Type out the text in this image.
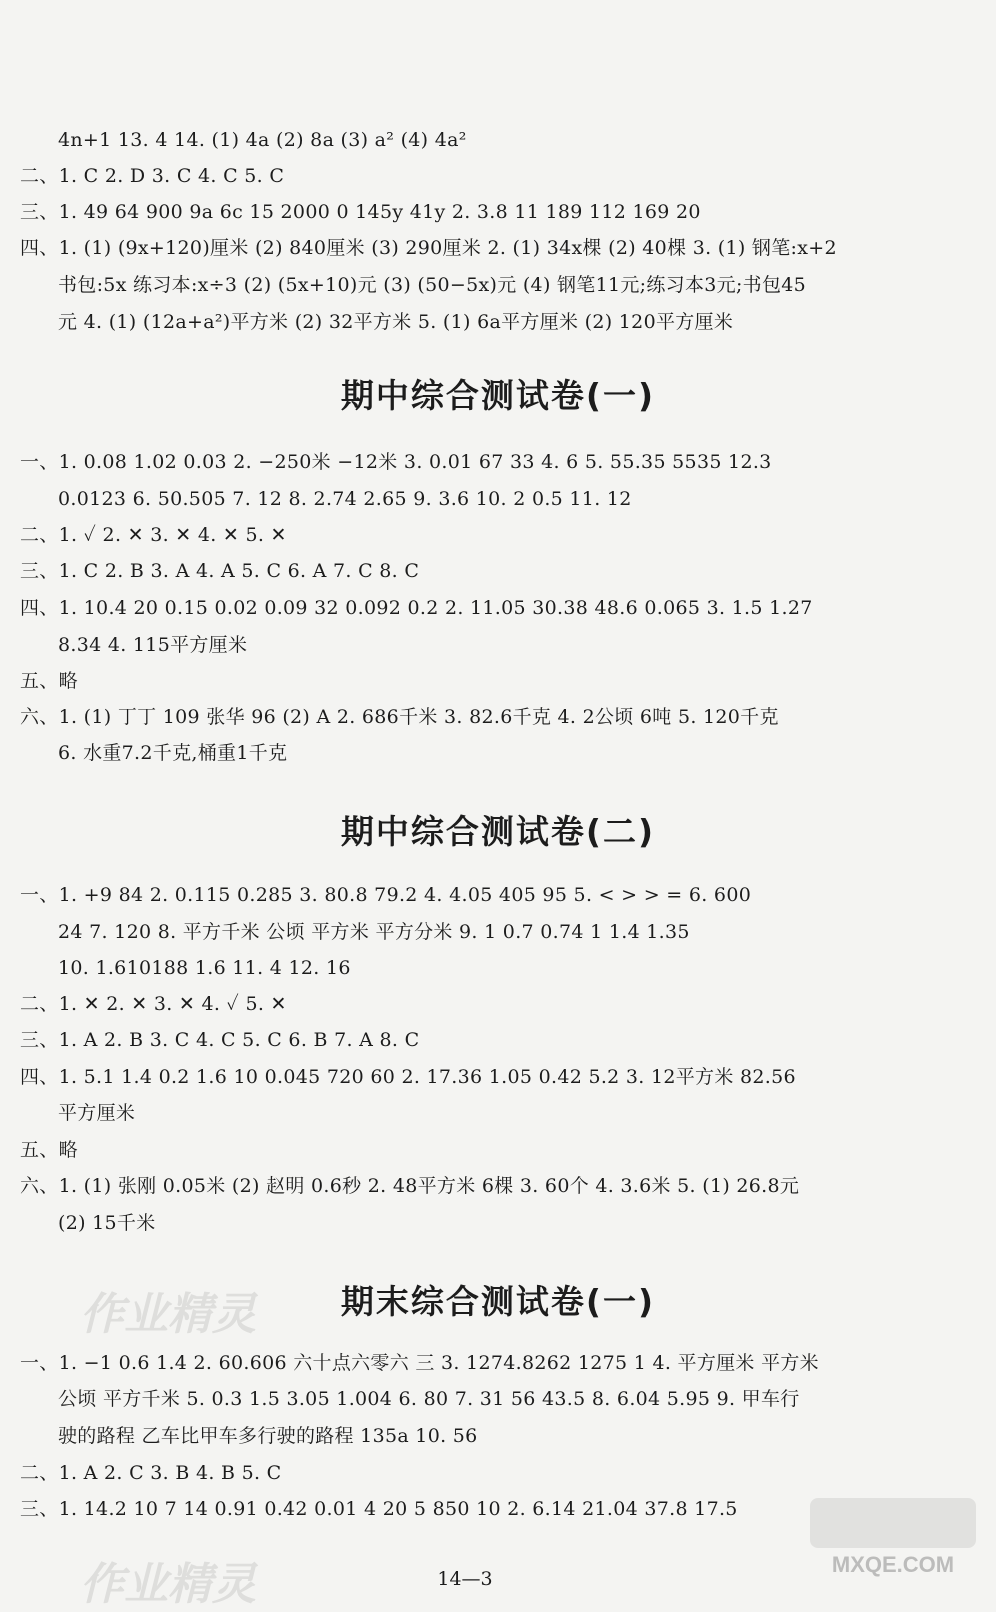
4n+1 13. 4 14. (1) 4a (2) 8a (3) a² (4) 4a²
二、1. C 2. D 3. C 4. C 5. C
三、1. 49 64 900 9a 6c 15 2000 0 145y 41y 2. 3.8 11 189 112 169 20
四、1. (1) (9x+120)厘米 (2) 840厘米 (3) 290厘米 2. (1) 34x棵 (2) 40棵 3. (1) 钢笔:x+2
书包:5x 练习本:x÷3 (2) (5x+10)元 (3) (50−5x)元 (4) 钢笔11元;练习本3元;书包45
元 4. (1) (12a+a²)平方米 (2) 32平方米 5. (1) 6a平方厘米 (2) 120平方厘米
期中综合测试卷(一)
一、1. 0.08 1.02 0.03 2. −250米 −12米 3. 0.01 67 33 4. 6 5. 55.35 5535 12.3
0.0123 6. 50.505 7. 12 8. 2.74 2.65 9. 3.6 10. 2 0.5 11. 12
二、1. ✓ 2. ✕ 3. ✕ 4. ✕ 5. ✕
三、1. C 2. B 3. A 4. A 5. C 6. A 7. C 8. C
四、1. 10.4 20 0.15 0.02 0.09 32 0.092 0.2 2. 11.05 30.38 48.6 0.065 3. 1.5 1.27
8.34 4. 115平方厘米
五、略
六、1. (1) 丁丁 109 张华 96 (2) A 2. 686千米 3. 82.6千克 4. 2公顷 6吨 5. 120千克
6. 水重7.2千克,桶重1千克
期中综合测试卷(二)
一、1. +9 84 2. 0.115 0.285 3. 80.8 79.2 4. 4.05 405 95 5. < > > = 6. 600
24 7. 120 8. 平方千米 公顷 平方米 平方分米 9. 1 0.7 0.74 1 1.4 1.35
10. 1.610188 1.6 11. 4 12. 16
二、1. ✕ 2. ✕ 3. ✕ 4. ✓ 5. ✕
三、1. A 2. B 3. C 4. C 5. C 6. B 7. A 8. C
四、1. 5.1 1.4 0.2 1.6 10 0.045 720 60 2. 17.36 1.05 0.42 5.2 3. 12平方米 82.56
平方厘米
五、略
六、1. (1) 张刚 0.05米 (2) 赵明 0.6秒 2. 48平方米 6棵 3. 60个 4. 3.6米 5. (1) 26.8元
(2) 15千米
作业精灵	期末综合测试卷(一)
一、1. −1 0.6 1.4 2. 60.606 六十点六零六 三 3. 1274.8262 1275 1 4. 平方厘米 平方米
公顷 平方千米 5. 0.3 1.5 3.05 1.004 6. 80 7. 31 56 43.5 8. 6.04 5.95 9. 甲车行
驶的路程 乙车比甲车多行驶的路程 135a 10. 56
二、1. A 2. C 3. B 4. B 5. C
三、1. 14.2 10 7 14 0.91 0.42 0.01 4 20 5 850 10 2. 6.14 21.04 37.8 17.5
作业精灵	MXQE.COM
14—3
